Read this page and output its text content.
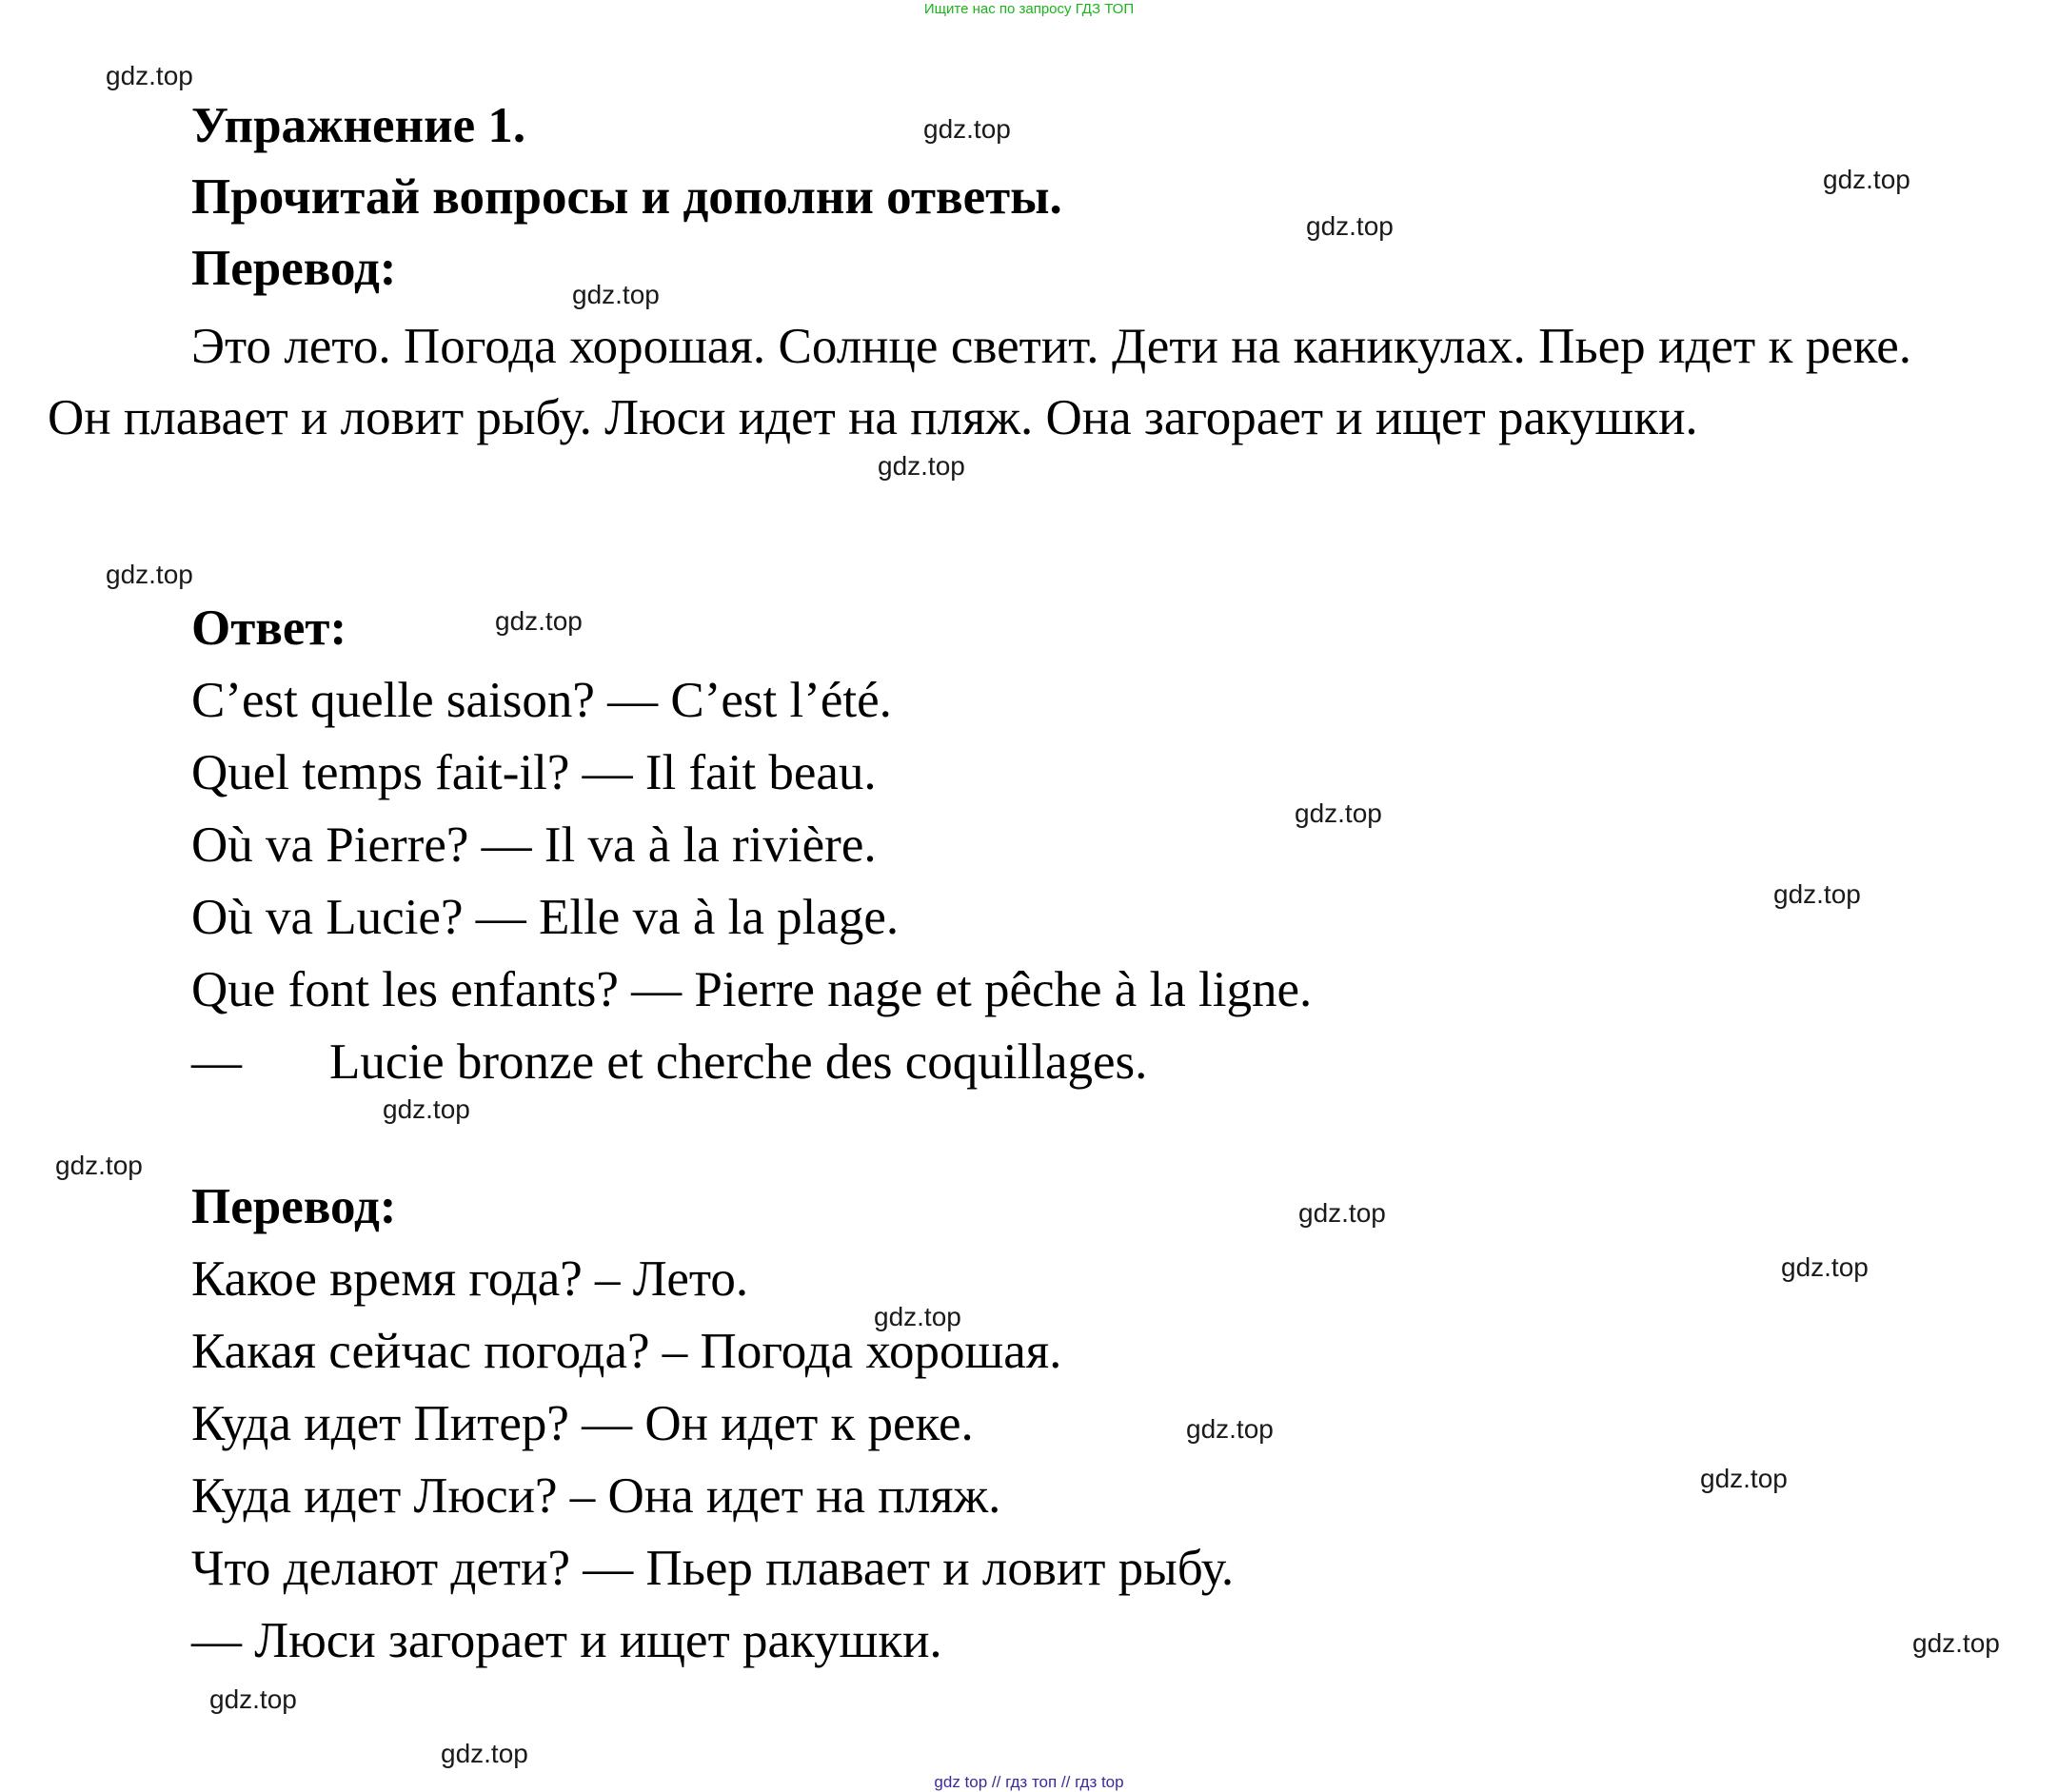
Ищите нас по запросу ГДЗ ТОП
gdz.top
gdz.top
gdz.top
gdz.top
gdz.top
gdz.top
gdz.top
gdz.top
gdz.top
gdz.top
gdz.top
gdz.top
gdz.top
gdz.top
gdz.top
gdz.top
gdz.top
gdz.top
gdz.top
gdz.top
Упражнение 1.
Прочитай вопросы и дополни ответы.
Перевод:

Это лето. Погода хорошая. Солнце светит. Дети на каникулах. Пьер идет к реке. Он плавает и ловит рыбу. Люси идет на пляж. Она загорает и ищет ракушки.

Ответ:
C’est quelle saison? — C’est l’été.
Quel temps fait-il? — Il fait beau.
Où va Pierre? — Il va à la rivière.
Où va Lucie? — Elle va à la plage.
Que font les enfants? — Pierre nage et pêche à la ligne.
— Lucie bronze et cherche des coquillages.
Перевод:
Какое время года? – Лето.
Какая сейчас погода? – Погода хорошая.
Куда идет Питер? — Он идет к реке.
Куда идет Люси? – Она идет на пляж.
Что делают дети? — Пьер плавает и ловит рыбу.
— Люси загорает и ищет ракушки.
gdz top // гдз топ // гдз top
